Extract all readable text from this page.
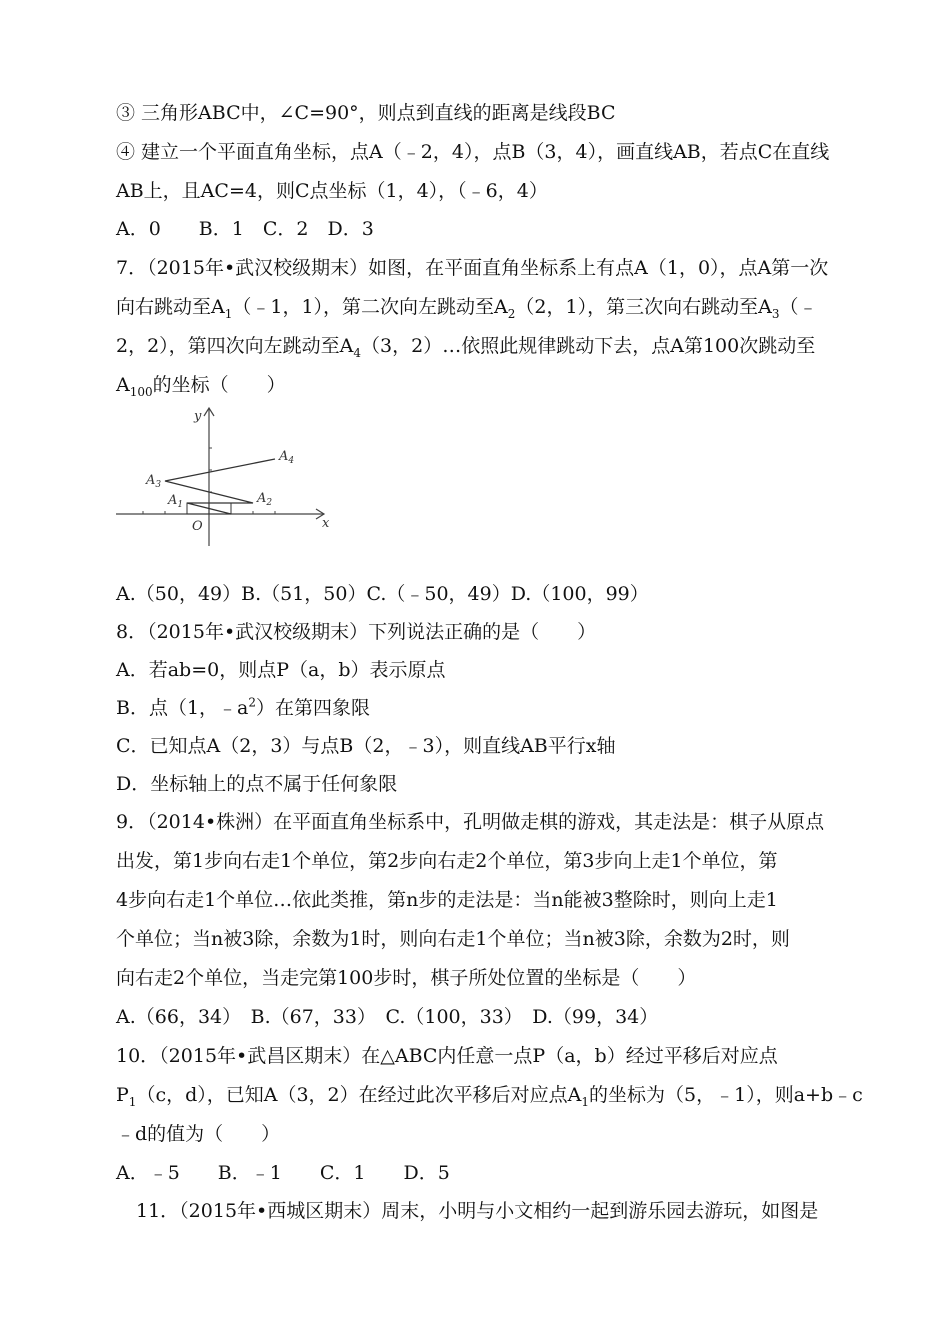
③ 三角形ABC中，∠C=90°，则点到直线的距离是线段BC
④ 建立一个平面直角坐标，点A（﹣2，4），点B（3，4），画直线AB，若点C在直线
AB上，且AC=4，则C点坐标（1，4），（﹣6，4）
A．0　　B．1　C．2　D．3
7．（2015年•武汉校级期末）如图，在平面直角坐标系上有点A（1，0），点A第一次
向右跳动至$A_1(﹣1$，1），第二次向左跳动至$A_2(2$，1），第三次向右跳动至$A_3(﹣$
2，2），第四次向左跳动至$A_4(3$，2）…依照此规律跳动下去，点A第100次跳动至
$A_{100}$的坐标（　　）
y
x
O
$A_1$	$A_2$
$A_3$
$A_4$
A.（50，49）B.（51，50）C.（﹣50，49）D.（100，99）
8．（2015年•武汉校级期末）下列说法正确的是（　　）
A．若ab=0，则点P（a，b）表示原点
B．点（1，$﹣a^2$）在第四象限
C．已知点A（2，3）与点B（2，﹣3），则直线AB平行x轴
D．坐标轴上的点不属于任何象限
9．（2014•株洲）在平面直角坐标系中，孔明做走棋的游戏，其走法是：棋子从原点
出发，第1步向右走1个单位，第2步向右走2个单位，第3步向上走1个单位，第
4步向右走1个单位…依此类推，第n步的走法是：当n能被3整除时，则向上走1
个单位；当n被3除，余数为1时，则向右走1个单位；当n被3除，余数为2时，则
向右走2个单位，当走完第100步时，棋子所处位置的坐标是（　　）
A.（66，34）　B.（67，33）　C.（100，33）　D.（99，34）
10．（2015年•武昌区期末）在△ABC内任意一点P（a，b）经过平移后对应点
$P_1(c$，d），已知A（3，2）在经过此次平移后对应点$A_1$的坐标为（5，﹣1），则a+b﹣c
﹣d的值为（　　）
A．﹣5　　B．﹣1　　C．1　　D．5
11．（2015年•西城区期末）周末，小明与小文相约一起到游乐园去游玩，如图是
